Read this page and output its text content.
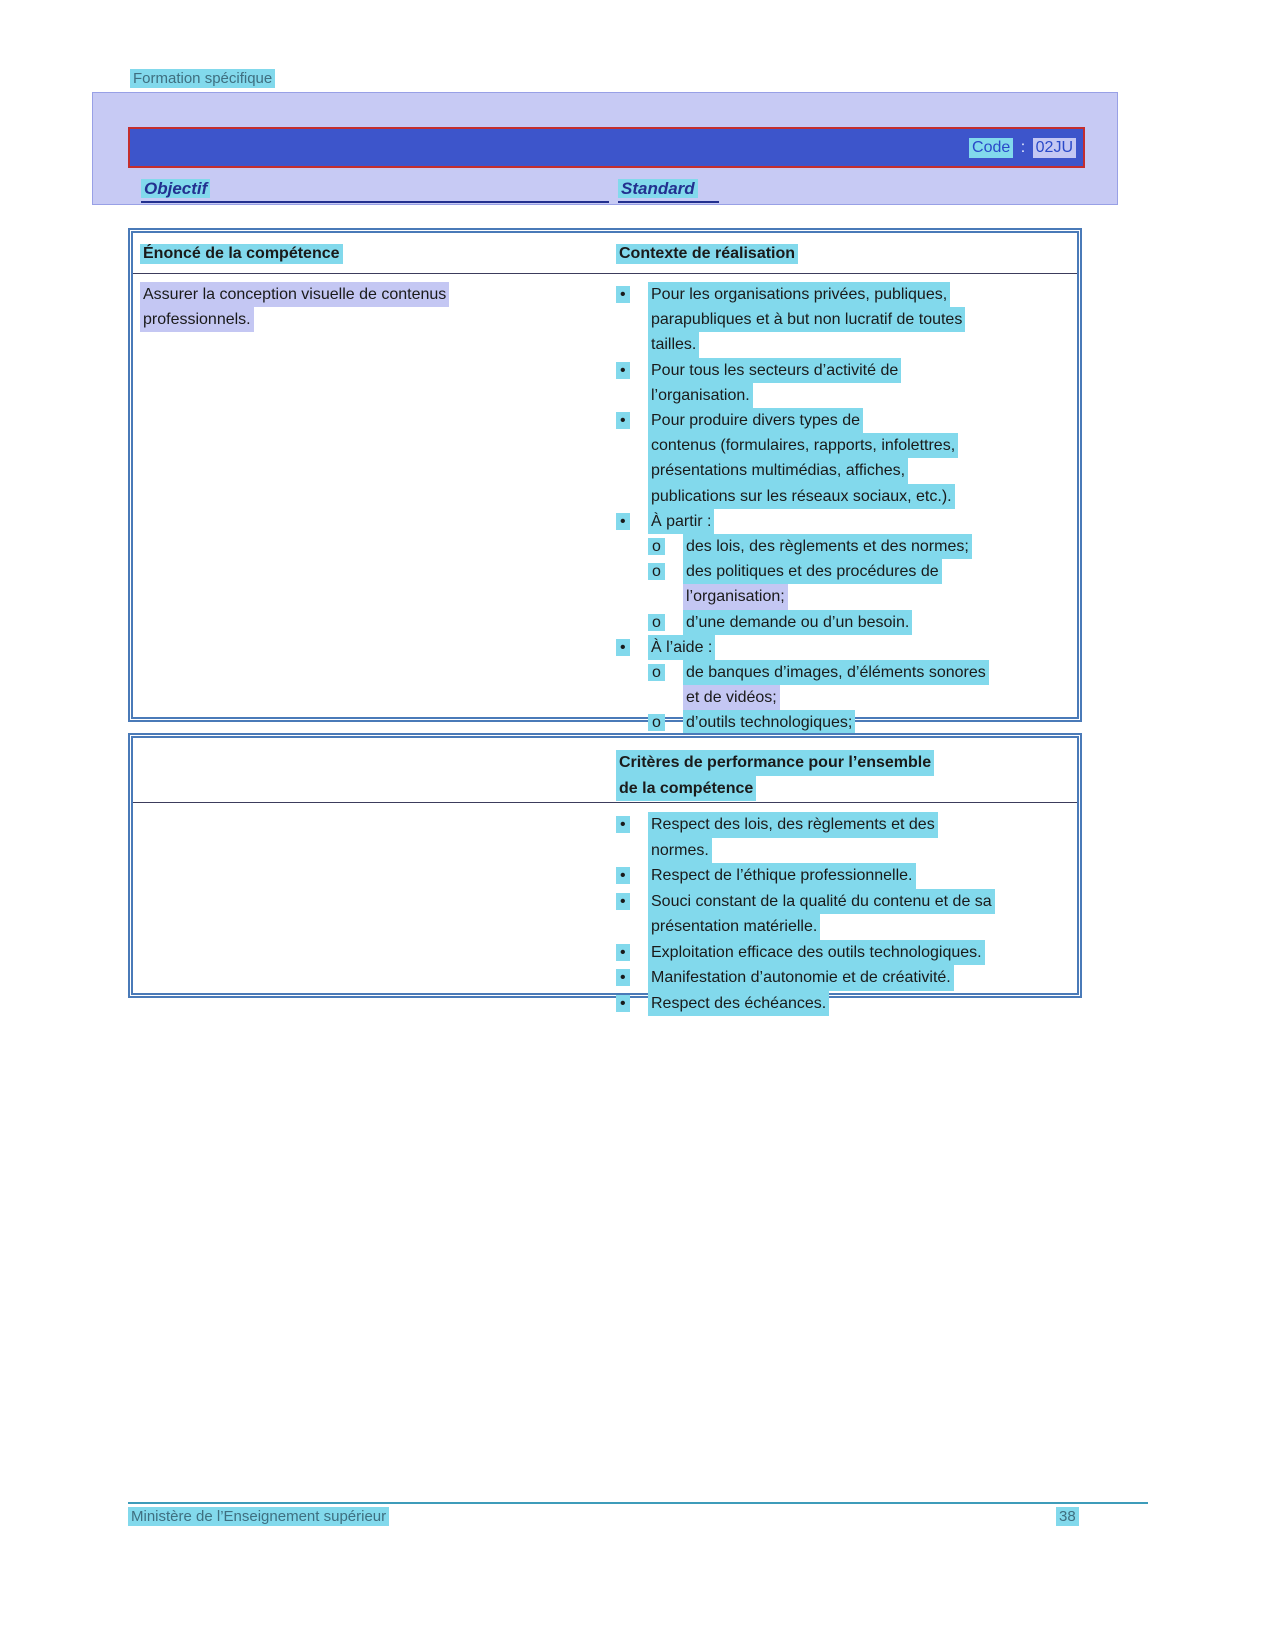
Formation spécifique
Code : 02JU
Objectif	Standard
Énoncé de la compétence	Contexte de réalisation
Assurer la conception visuelle de contenus
professionnels.
•	Pour les organisations privées, publiques,
parapubliques et à but non lucratif de toutes
tailles.
•	Pour tous les secteurs d’activité de
l’organisation.
•	Pour produire divers types de
contenus (formulaires, rapports, infolettres,
présentations multimédias, affiches,
publications sur les réseaux sociaux, etc.).
•	À partir :
o	des lois, des règlements et des normes;
o	des politiques et des procédures de
l’organisation;
o	d’une demande ou d’un besoin.
•	À l’aide :
o	de banques d’images, d’éléments sonores
et de vidéos;
o	d’outils technologiques;
Critères de performance pour l’ensemble
de la compétence
•	Respect des lois, des règlements et des
normes.
•	Respect de l’éthique professionnelle.
•	Souci constant de la qualité du contenu et de sa
présentation matérielle.
•	Exploitation efficace des outils technologiques.
•	Manifestation d’autonomie et de créativité.
•	Respect des échéances.
Ministère de l’Enseignement supérieur	38
